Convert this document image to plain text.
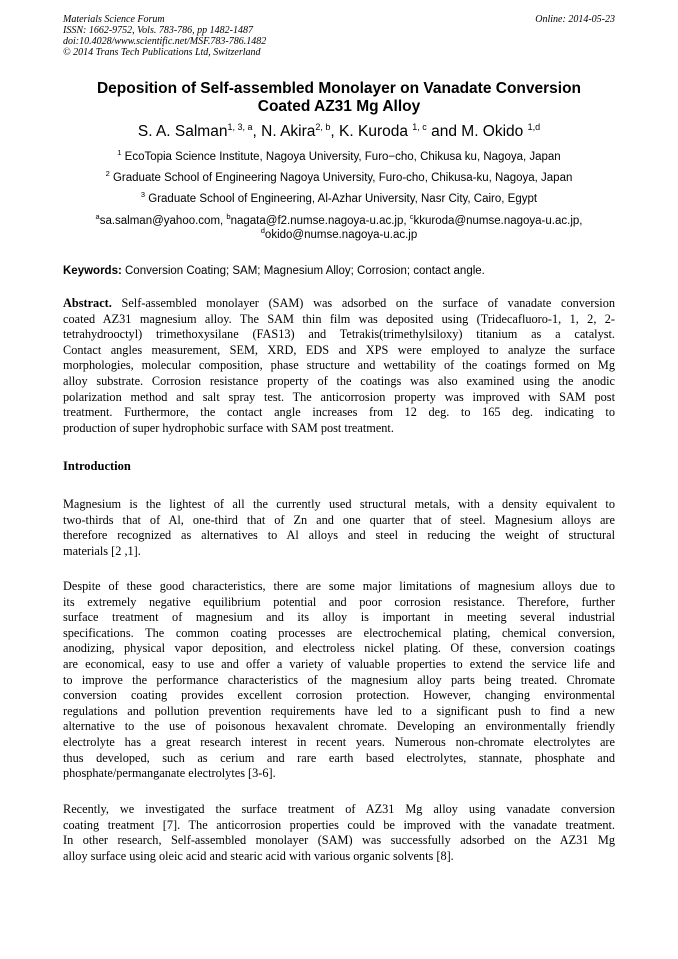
Materials Science Forum
ISSN: 1662-9752, Vols. 783-786, pp 1482-1487
doi:10.4028/www.scientific.net/MSF.783-786.1482
© 2014 Trans Tech Publications Ltd, Switzerland
Online: 2014-05-23
Deposition of Self-assembled Monolayer on Vanadate Conversion
Coated AZ31 Mg Alloy
S. A. Salman$^{1, 3, a}$, N. Akira$^{2, b}$, K. Kuroda $^{1, c}$ and M. Okido $^{1,d}$
$^1$ EcoTopia Science Institute, Nagoya University, Furo−cho, Chikusa ku, Nagoya, Japan
$^2$ Graduate School of Engineering Nagoya University, Furo-cho, Chikusa-ku, Nagoya, Japan
$^3$ Graduate School of Engineering, Al-Azhar University, Nasr City, Cairo, Egypt
$^a$sa.salman@yahoo.com, $^b$nagata@f2.numse.nagoya-u.ac.jp, $^c$kkuroda@numse.nagoya-u.ac.jp,
$^d$okido@numse.nagoya-u.ac.jp
Keywords: Conversion Coating; SAM; Magnesium Alloy; Corrosion; contact angle.
Abstract. Self-assembled monolayer (SAM) was adsorbed on the surface of vanadate conversion
coated AZ31 magnesium alloy. The SAM thin film was deposited using (Tridecafluoro-1, 1, 2, 2-
tetrahydrooctyl) trimethoxysilane (FAS13) and Tetrakis(trimethylsiloxy) titanium as a catalyst.
Contact angles measurement, SEM, XRD, EDS and XPS were employed to analyze the surface
morphologies, molecular composition, phase structure and wettability of the coatings formed on Mg
alloy substrate. Corrosion resistance property of the coatings was also examined using the anodic
polarization method and salt spray test. The anticorrosion property was improved with SAM post
treatment. Furthermore, the contact angle increases from 12 deg. to 165 deg. indicating to
production of super hydrophobic surface with SAM post treatment.
Introduction
Magnesium is the lightest of all the currently used structural metals, with a density equivalent to
two-thirds that of Al, one-third that of Zn and one quarter that of steel. Magnesium alloys are
therefore recognized as alternatives to Al alloys and steel in reducing the weight of structural
materials [2 ,1].
Despite of these good characteristics, there are some major limitations of magnesium alloys due to
its extremely negative equilibrium potential and poor corrosion resistance. Therefore, further
surface treatment of magnesium and its alloy is important in meeting several industrial
specifications. The common coating processes are electrochemical plating, chemical conversion,
anodizing, physical vapor deposition, and electroless nickel plating. Of these, conversion coatings
are economical, easy to use and offer a variety of valuable properties to extend the service life and
to improve the performance characteristics of the magnesium alloy parts being treated. Chromate
conversion coating provides excellent corrosion protection. However, changing environmental
regulations and pollution prevention requirements have led to a significant push to find a new
alternative to the use of poisonous hexavalent chromate. Developing an environmentally friendly
electrolyte has a great research interest in recent years. Numerous non-chromate electrolytes are
thus developed, such as cerium and rare earth based electrolytes, stannate, phosphate and
phosphate/permanganate electrolytes [3-6].
Recently, we investigated the surface treatment of AZ31 Mg alloy using vanadate conversion
coating treatment [7]. The anticorrosion properties could be improved with the vanadate treatment.
In other research, Self-assembled monolayer (SAM) was successfully adsorbed on the AZ31 Mg
alloy surface using oleic acid and stearic acid with various organic solvents [8].
